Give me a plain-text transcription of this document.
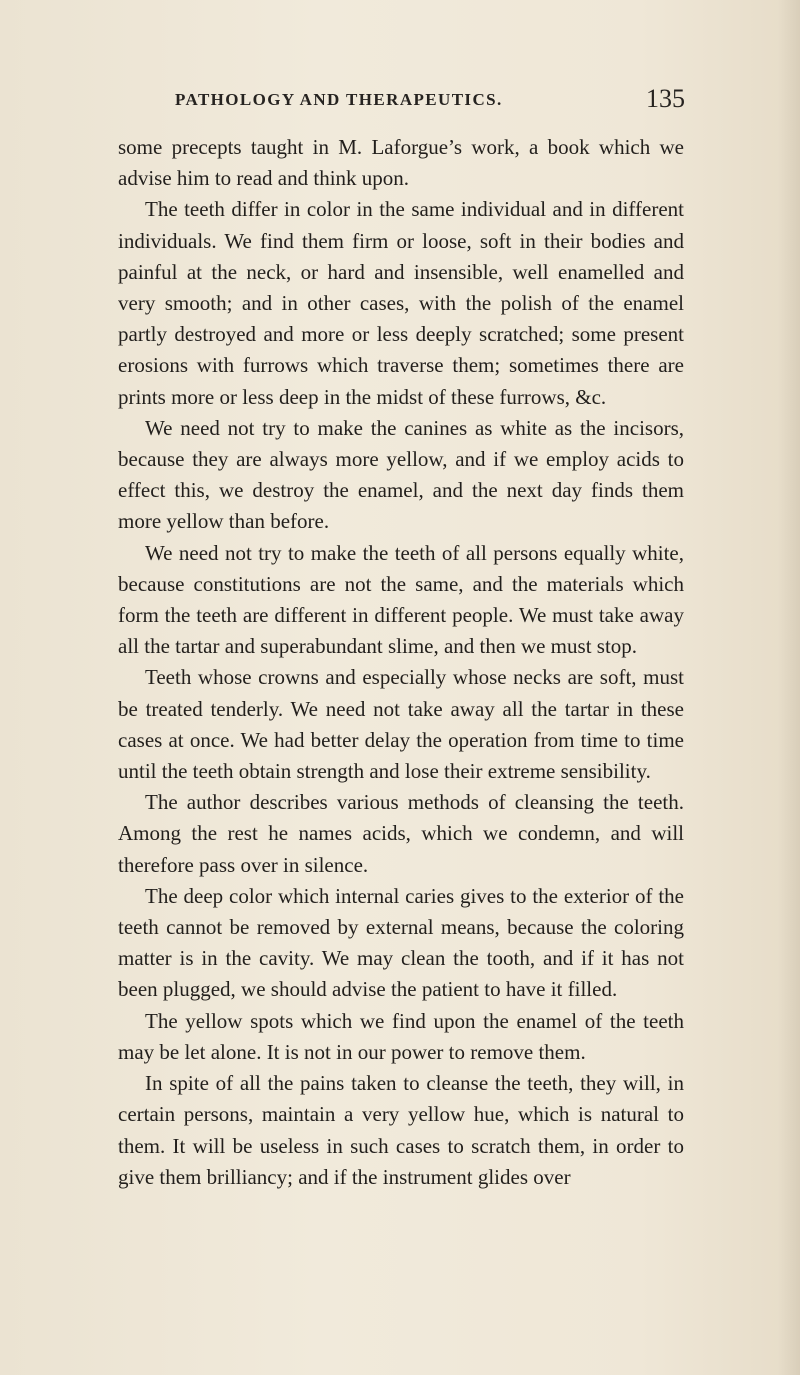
PATHOLOGY AND THERAPEUTICS.	135

some precepts taught in M. Laforgue’s work, a book which we advise him to read and think upon.

The teeth differ in color in the same individual and in different individuals. We find them firm or loose, soft in their bodies and painful at the neck, or hard and insensible, well enamelled and very smooth; and in other cases, with the polish of the enamel partly destroyed and more or less deeply scratched; some present erosions with furrows which traverse them; sometimes there are prints more or less deep in the midst of these furrows, &c.

We need not try to make the canines as white as the incisors, because they are always more yellow, and if we employ acids to effect this, we destroy the enamel, and the next day finds them more yellow than before.

We need not try to make the teeth of all persons equally white, because constitutions are not the same, and the materials which form the teeth are different in different people. We must take away all the tartar and superabundant slime, and then we must stop.

Teeth whose crowns and especially whose necks are soft, must be treated tenderly. We need not take away all the tartar in these cases at once. We had better delay the operation from time to time until the teeth obtain strength and lose their extreme sensibility.

The author describes various methods of cleansing the teeth. Among the rest he names acids, which we condemn, and will therefore pass over in silence.

The deep color which internal caries gives to the exterior of the teeth cannot be removed by external means, because the coloring matter is in the cavity. We may clean the tooth, and if it has not been plugged, we should advise the patient to have it filled.

The yellow spots which we find upon the enamel of the teeth may be let alone. It is not in our power to remove them.

In spite of all the pains taken to cleanse the teeth, they will, in certain persons, maintain a very yellow hue, which is natural to them. It will be useless in such cases to scratch them, in order to give them brilliancy; and if the instrument glides over
